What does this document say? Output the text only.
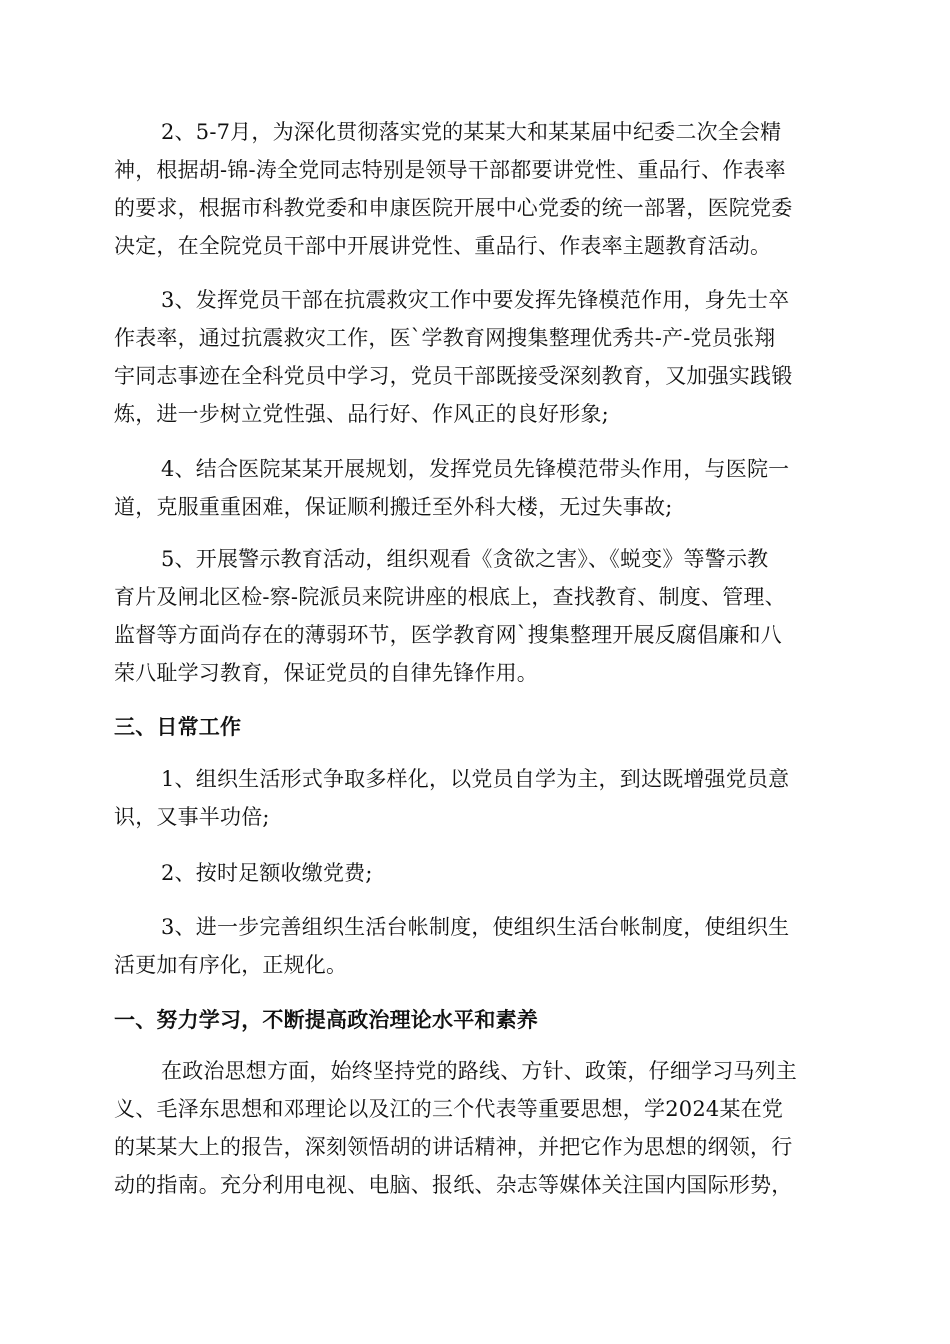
2、5-7月，为深化贯彻落实党的某某大和某某届中纪委二次全会精
神，根据胡-锦-涛全党同志特别是领导干部都要讲党性、重品行、作表率
的要求，根据市科教党委和申康医院开展中心党委的统一部署，医院党委
决定，在全院党员干部中开展讲党性、重品行、作表率主题教育活动。
3、发挥党员干部在抗震救灾工作中要发挥先锋模范作用，身先士卒
作表率，通过抗震救灾工作，医`学教育网搜集整理优秀共-产-党员张翔
宇同志事迹在全科党员中学习，党员干部既接受深刻教育，又加强实践锻
炼，进一步树立党性强、品行好、作风正的良好形象;
4、结合医院某某开展规划，发挥党员先锋模范带头作用，与医院一
道，克服重重困难，保证顺利搬迁至外科大楼，无过失事故;
5、开展警示教育活动，组织观看《贪欲之害》、《蜕变》等警示教
育片及闸北区检-察-院派员来院讲座的根底上，查找教育、制度、管理、
监督等方面尚存在的薄弱环节，医学教育网`搜集整理开展反腐倡廉和八
荣八耻学习教育，保证党员的自律先锋作用。
三、日常工作
1、组织生活形式争取多样化，以党员自学为主，到达既增强党员意
识，又事半功倍;
2、按时足额收缴党费;
3、进一步完善组织生活台帐制度，使组织生活台帐制度，使组织生
活更加有序化，正规化。
一、努力学习，不断提高政治理论水平和素养
在政治思想方面，始终坚持党的路线、方针、政策，仔细学习马列主
义、毛泽东思想和邓理论以及江的三个代表等重要思想，学2024某在党
的某某大上的报告，深刻领悟胡的讲话精神，并把它作为思想的纲领，行
动的指南。充分利用电视、电脑、报纸、杂志等媒体关注国内国际形势，
